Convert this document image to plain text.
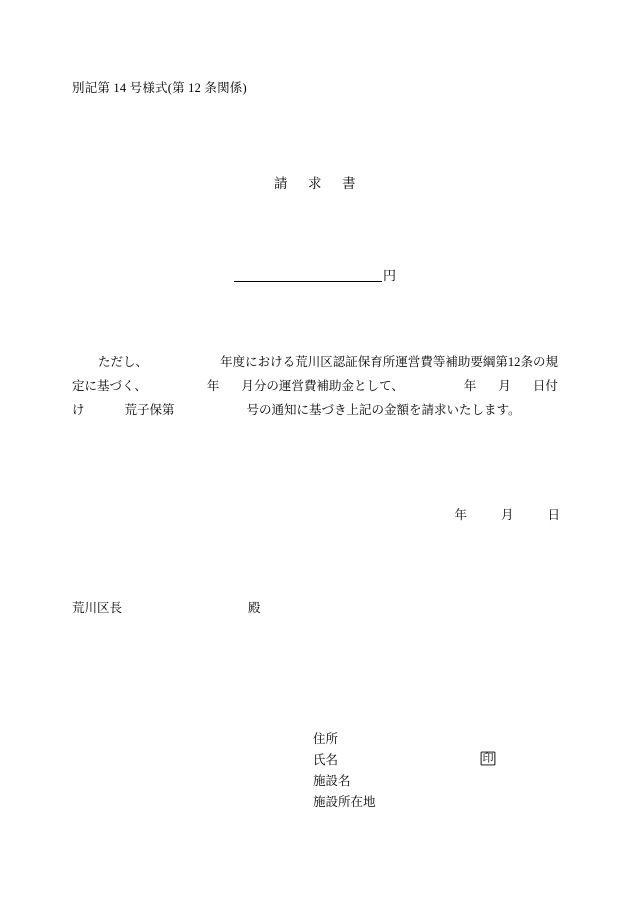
別記第 14 号様式(第 12 条関係)
請 求 書
円
ただし、	年度における荒川区認証保育所運営費等補助要綱第12条の規定に基づく、	年 月分の運営費補助金として、	年 月 日付け	荒子保第	号の通知に基づき上記の金額を請求いたします。
年	月	日
荒川区長	殿
住所
氏名	印
施設名
施設所在地
